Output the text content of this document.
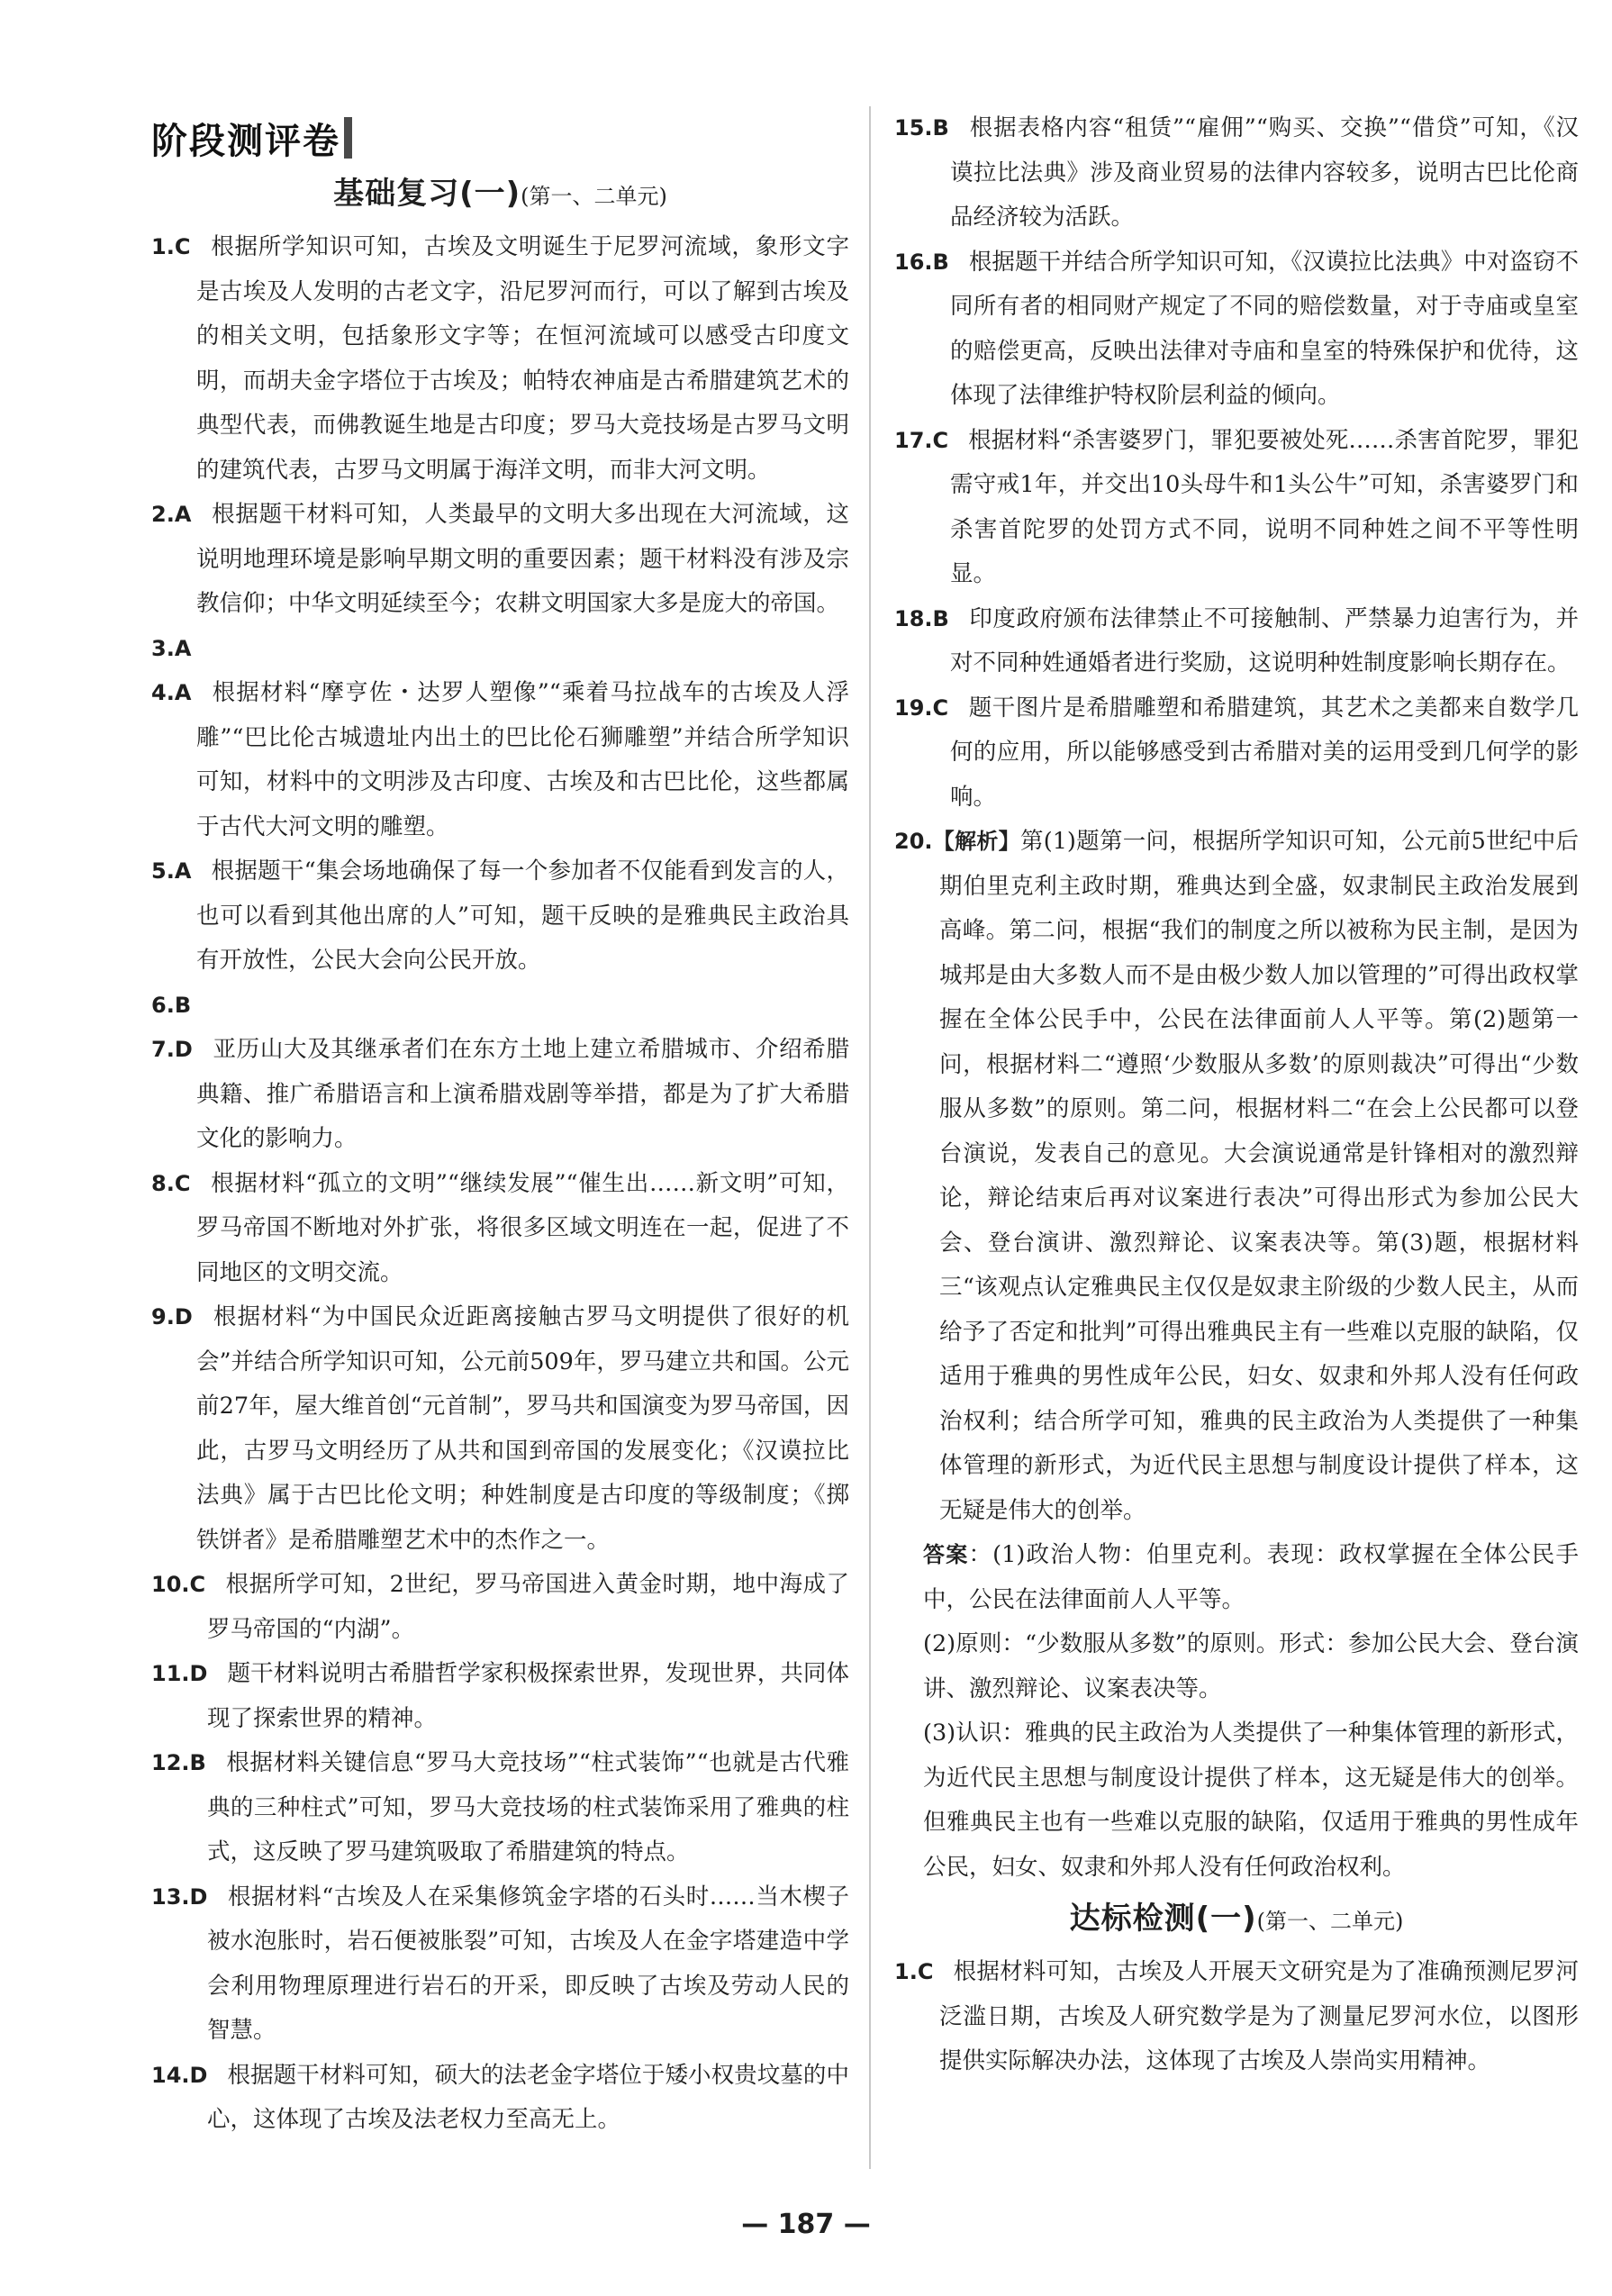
阶段测评卷
基础复习(一)(第一、二单元)

1.C 根据所学知识可知，古埃及文明诞生于尼罗河流域，象形文字是古埃及人发明的古老文字，沿尼罗河而行，可以了解到古埃及的相关文明，包括象形文字等；在恒河流域可以感受古印度文明，而胡夫金字塔位于古埃及；帕特农神庙是古希腊建筑艺术的典型代表，而佛教诞生地是古印度；罗马大竞技场是古罗马文明的建筑代表，古罗马文明属于海洋文明，而非大河文明。

2.A 根据题干材料可知，人类最早的文明大多出现在大河流域，这说明地理环境是影响早期文明的重要因素；题干材料没有涉及宗教信仰；中华文明延续至今；农耕文明国家大多是庞大的帝国。

3.A

4.A 根据材料“摩亨佐・达罗人塑像”“乘着马拉战车的古埃及人浮雕”“巴比伦古城遗址内出土的巴比伦石狮雕塑”并结合所学知识可知，材料中的文明涉及古印度、古埃及和古巴比伦，这些都属于古代大河文明的雕塑。

5.A 根据题干“集会场地确保了每一个参加者不仅能看到发言的人，也可以看到其他出席的人”可知，题干反映的是雅典民主政治具有开放性，公民大会向公民开放。

6.B

7.D 亚历山大及其继承者们在东方土地上建立希腊城市、介绍希腊典籍、推广希腊语言和上演希腊戏剧等举措，都是为了扩大希腊文化的影响力。

8.C 根据材料“孤立的文明”“继续发展”“催生出……新文明”可知，罗马帝国不断地对外扩张，将很多区域文明连在一起，促进了不同地区的文明交流。

9.D 根据材料“为中国民众近距离接触古罗马文明提供了很好的机会”并结合所学知识可知，公元前509年，罗马建立共和国。公元前27年，屋大维首创“元首制”，罗马共和国演变为罗马帝国，因此，古罗马文明经历了从共和国到帝国的发展变化；《汉谟拉比法典》属于古巴比伦文明；种姓制度是古印度的等级制度；《掷铁饼者》是希腊雕塑艺术中的杰作之一。

10.C 根据所学可知，2世纪，罗马帝国进入黄金时期，地中海成了罗马帝国的“内湖”。

11.D 题干材料说明古希腊哲学家积极探索世界，发现世界，共同体现了探索世界的精神。

12.B 根据材料关键信息“罗马大竞技场”“柱式装饰”“也就是古代雅典的三种柱式”可知，罗马大竞技场的柱式装饰采用了雅典的柱式，这反映了罗马建筑吸取了希腊建筑的特点。

13.D 根据材料“古埃及人在采集修筑金字塔的石头时……当木楔子被水泡胀时，岩石便被胀裂”可知，古埃及人在金字塔建造中学会利用物理原理进行岩石的开采，即反映了古埃及劳动人民的智慧。

14.D 根据题干材料可知，硕大的法老金字塔位于矮小权贵坟墓的中心，这体现了古埃及法老权力至高无上。

15.B 根据表格内容“租赁”“雇佣”“购买、交换”“借贷”可知，《汉谟拉比法典》涉及商业贸易的法律内容较多，说明古巴比伦商品经济较为活跃。

16.B 根据题干并结合所学知识可知，《汉谟拉比法典》中对盗窃不同所有者的相同财产规定了不同的赔偿数量，对于寺庙或皇室的赔偿更高，反映出法律对寺庙和皇室的特殊保护和优待，这体现了法律维护特权阶层利益的倾向。

17.C 根据材料“杀害婆罗门，罪犯要被处死……杀害首陀罗，罪犯需守戒1年，并交出10头母牛和1头公牛”可知，杀害婆罗门和杀害首陀罗的处罚方式不同，说明不同种姓之间不平等性明显。

18.B 印度政府颁布法律禁止不可接触制、严禁暴力迫害行为，并对不同种姓通婚者进行奖励，这说明种姓制度影响长期存在。

19.C 题干图片是希腊雕塑和希腊建筑，其艺术之美都来自数学几何的应用，所以能够感受到古希腊对美的运用受到几何学的影响。

20.【解析】第(1)题第一问，根据所学知识可知，公元前5世纪中后期伯里克利主政时期，雅典达到全盛，奴隶制民主政治发展到高峰。第二问，根据“我们的制度之所以被称为民主制，是因为城邦是由大多数人而不是由极少数人加以管理的”可得出政权掌握在全体公民手中，公民在法律面前人人平等。第(2)题第一问，根据材料二“遵照‘少数服从多数’的原则裁决”可得出“少数服从多数”的原则。第二问，根据材料二“在会上公民都可以登台演说，发表自己的意见。大会演说通常是针锋相对的激烈辩论，辩论结束后再对议案进行表决”可得出形式为参加公民大会、登台演讲、激烈辩论、议案表决等。第(3)题，根据材料三“该观点认定雅典民主仅仅是奴隶主阶级的少数人民主，从而给予了否定和批判”可得出雅典民主有一些难以克服的缺陷，仅适用于雅典的男性成年公民，妇女、奴隶和外邦人没有任何政治权利；结合所学可知，雅典的民主政治为人类提供了一种集体管理的新形式，为近代民主思想与制度设计提供了样本，这无疑是伟大的创举。

答案：(1)政治人物：伯里克利。表现：政权掌握在全体公民手中，公民在法律面前人人平等。

(2)原则：“少数服从多数”的原则。形式：参加公民大会、登台演讲、激烈辩论、议案表决等。

(3)认识：雅典的民主政治为人类提供了一种集体管理的新形式，为近代民主思想与制度设计提供了样本，这无疑是伟大的创举。但雅典民主也有一些难以克服的缺陷，仅适用于雅典的男性成年公民，妇女、奴隶和外邦人没有任何政治权利。

达标检测(一)(第一、二单元)

1.C 根据材料可知，古埃及人开展天文研究是为了准确预测尼罗河泛滥日期，古埃及人研究数学是为了测量尼罗河水位，以图形提供实际解决办法，这体现了古埃及人崇尚实用精神。

— 187 —
